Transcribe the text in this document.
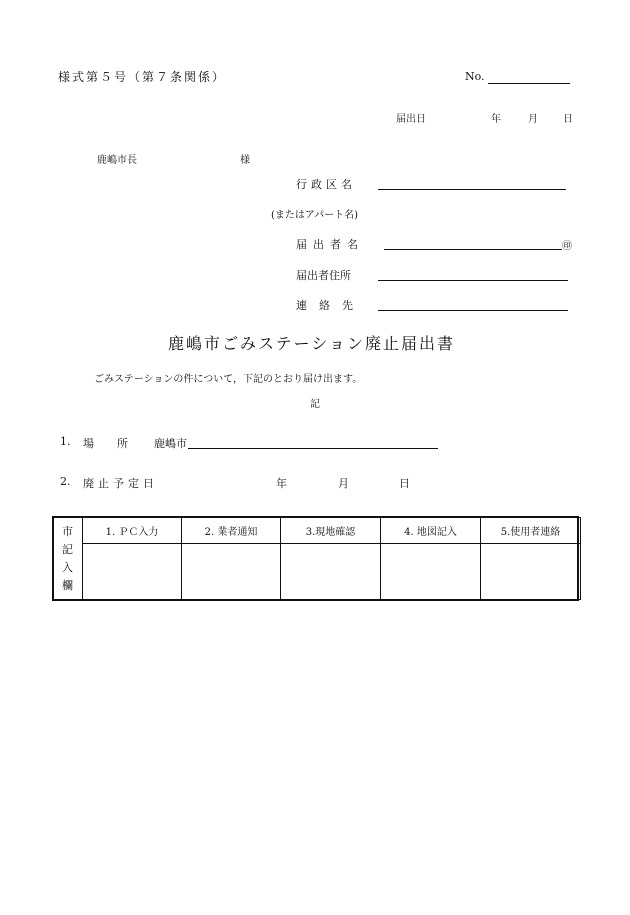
様式第５号（第７条関係）	No.
届出日	年	月	日
鹿嶋市長	様
行政区名
(またはアパート名)
届出者名	㊞
届出者住所
連絡先
鹿嶋市ごみステーション廃止届出書
ごみステーションの件について，下記のとおり届け出ます。
記
1. 場　所 鹿嶋市
2. 廃止予定日	年	月	日
市
記
入
欄	1. ＰＣ入力	2. 業者通知	3.現地確認	4. 地図記入	5.使用者連絡
